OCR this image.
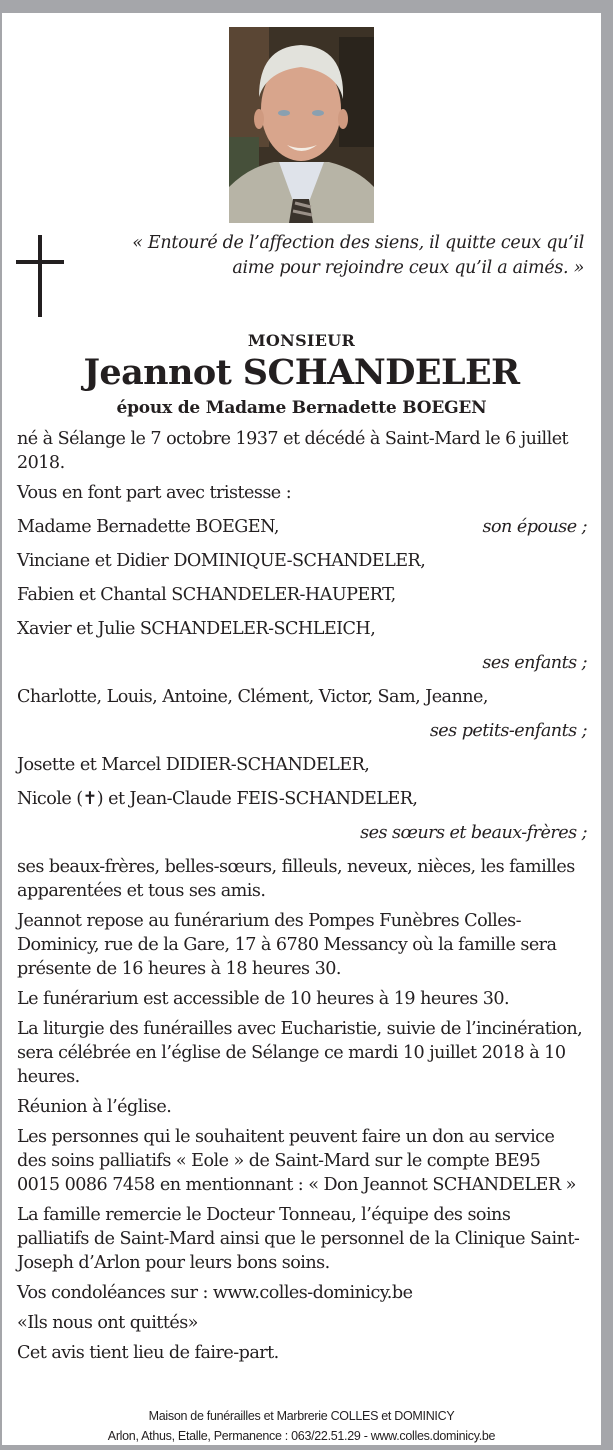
« Entouré de l’affection des siens, il quitte ceux qu’il
aime pour rejoindre ceux qu’il a aimés. »
MONSIEUR
Jeannot SCHANDELER
époux de Madame Bernadette BOEGEN

né à Sélange le 7 octobre 1937 et décédé à Saint-Mard le 6 juillet 2018.

Vous en font part avec tristesse :

Madame Bernadette BOEGEN,	son épouse ;
Vinciane et Didier DOMINIQUE-SCHANDELER,
Fabien et Chantal SCHANDELER-HAUPERT,
Xavier et Julie SCHANDELER-SCHLEICH,
ses enfants ;
Charlotte, Louis, Antoine, Clément, Victor, Sam, Jeanne,
ses petits-enfants ;
Josette et Marcel DIDIER-SCHANDELER,
Nicole (✝) et Jean-Claude FEIS-SCHANDELER,
ses sœurs et beaux-frères ;

ses beaux-frères, belles-sœurs, filleuls, neveux, nièces, les familles apparentées et tous ses amis.

Jeannot repose au funérarium des Pompes Funèbres Colles-Dominicy, rue de la Gare, 17 à 6780 Messancy où la famille sera présente de 16 heures à 18 heures 30.

Le funérarium est accessible de 10 heures à 19 heures 30.

La liturgie des funérailles avec Eucharistie, suivie de l’incinération, sera célébrée en l’église de Sélange ce mardi 10 juillet 2018 à 10 heures.

Réunion à l’église.

Les personnes qui le souhaitent peuvent faire un don au service des soins palliatifs « Eole » de Saint-Mard sur le compte BE95 0015 0086 7458 en mentionnant : « Don Jeannot SCHANDELER »

La famille remercie le Docteur Tonneau, l’équipe des soins palliatifs de Saint-Mard ainsi que le personnel de la Clinique Saint-Joseph d’Arlon pour leurs bons soins.

Vos condoléances sur : www.colles-dominicy.be

«Ils nous ont quittés»

Cet avis tient lieu de faire-part.

Maison de funérailles et Marbrerie COLLES et DOMINICY
Arlon, Athus, Etalle, Permanence : 063/22.51.29 - www.colles.dominicy.be
